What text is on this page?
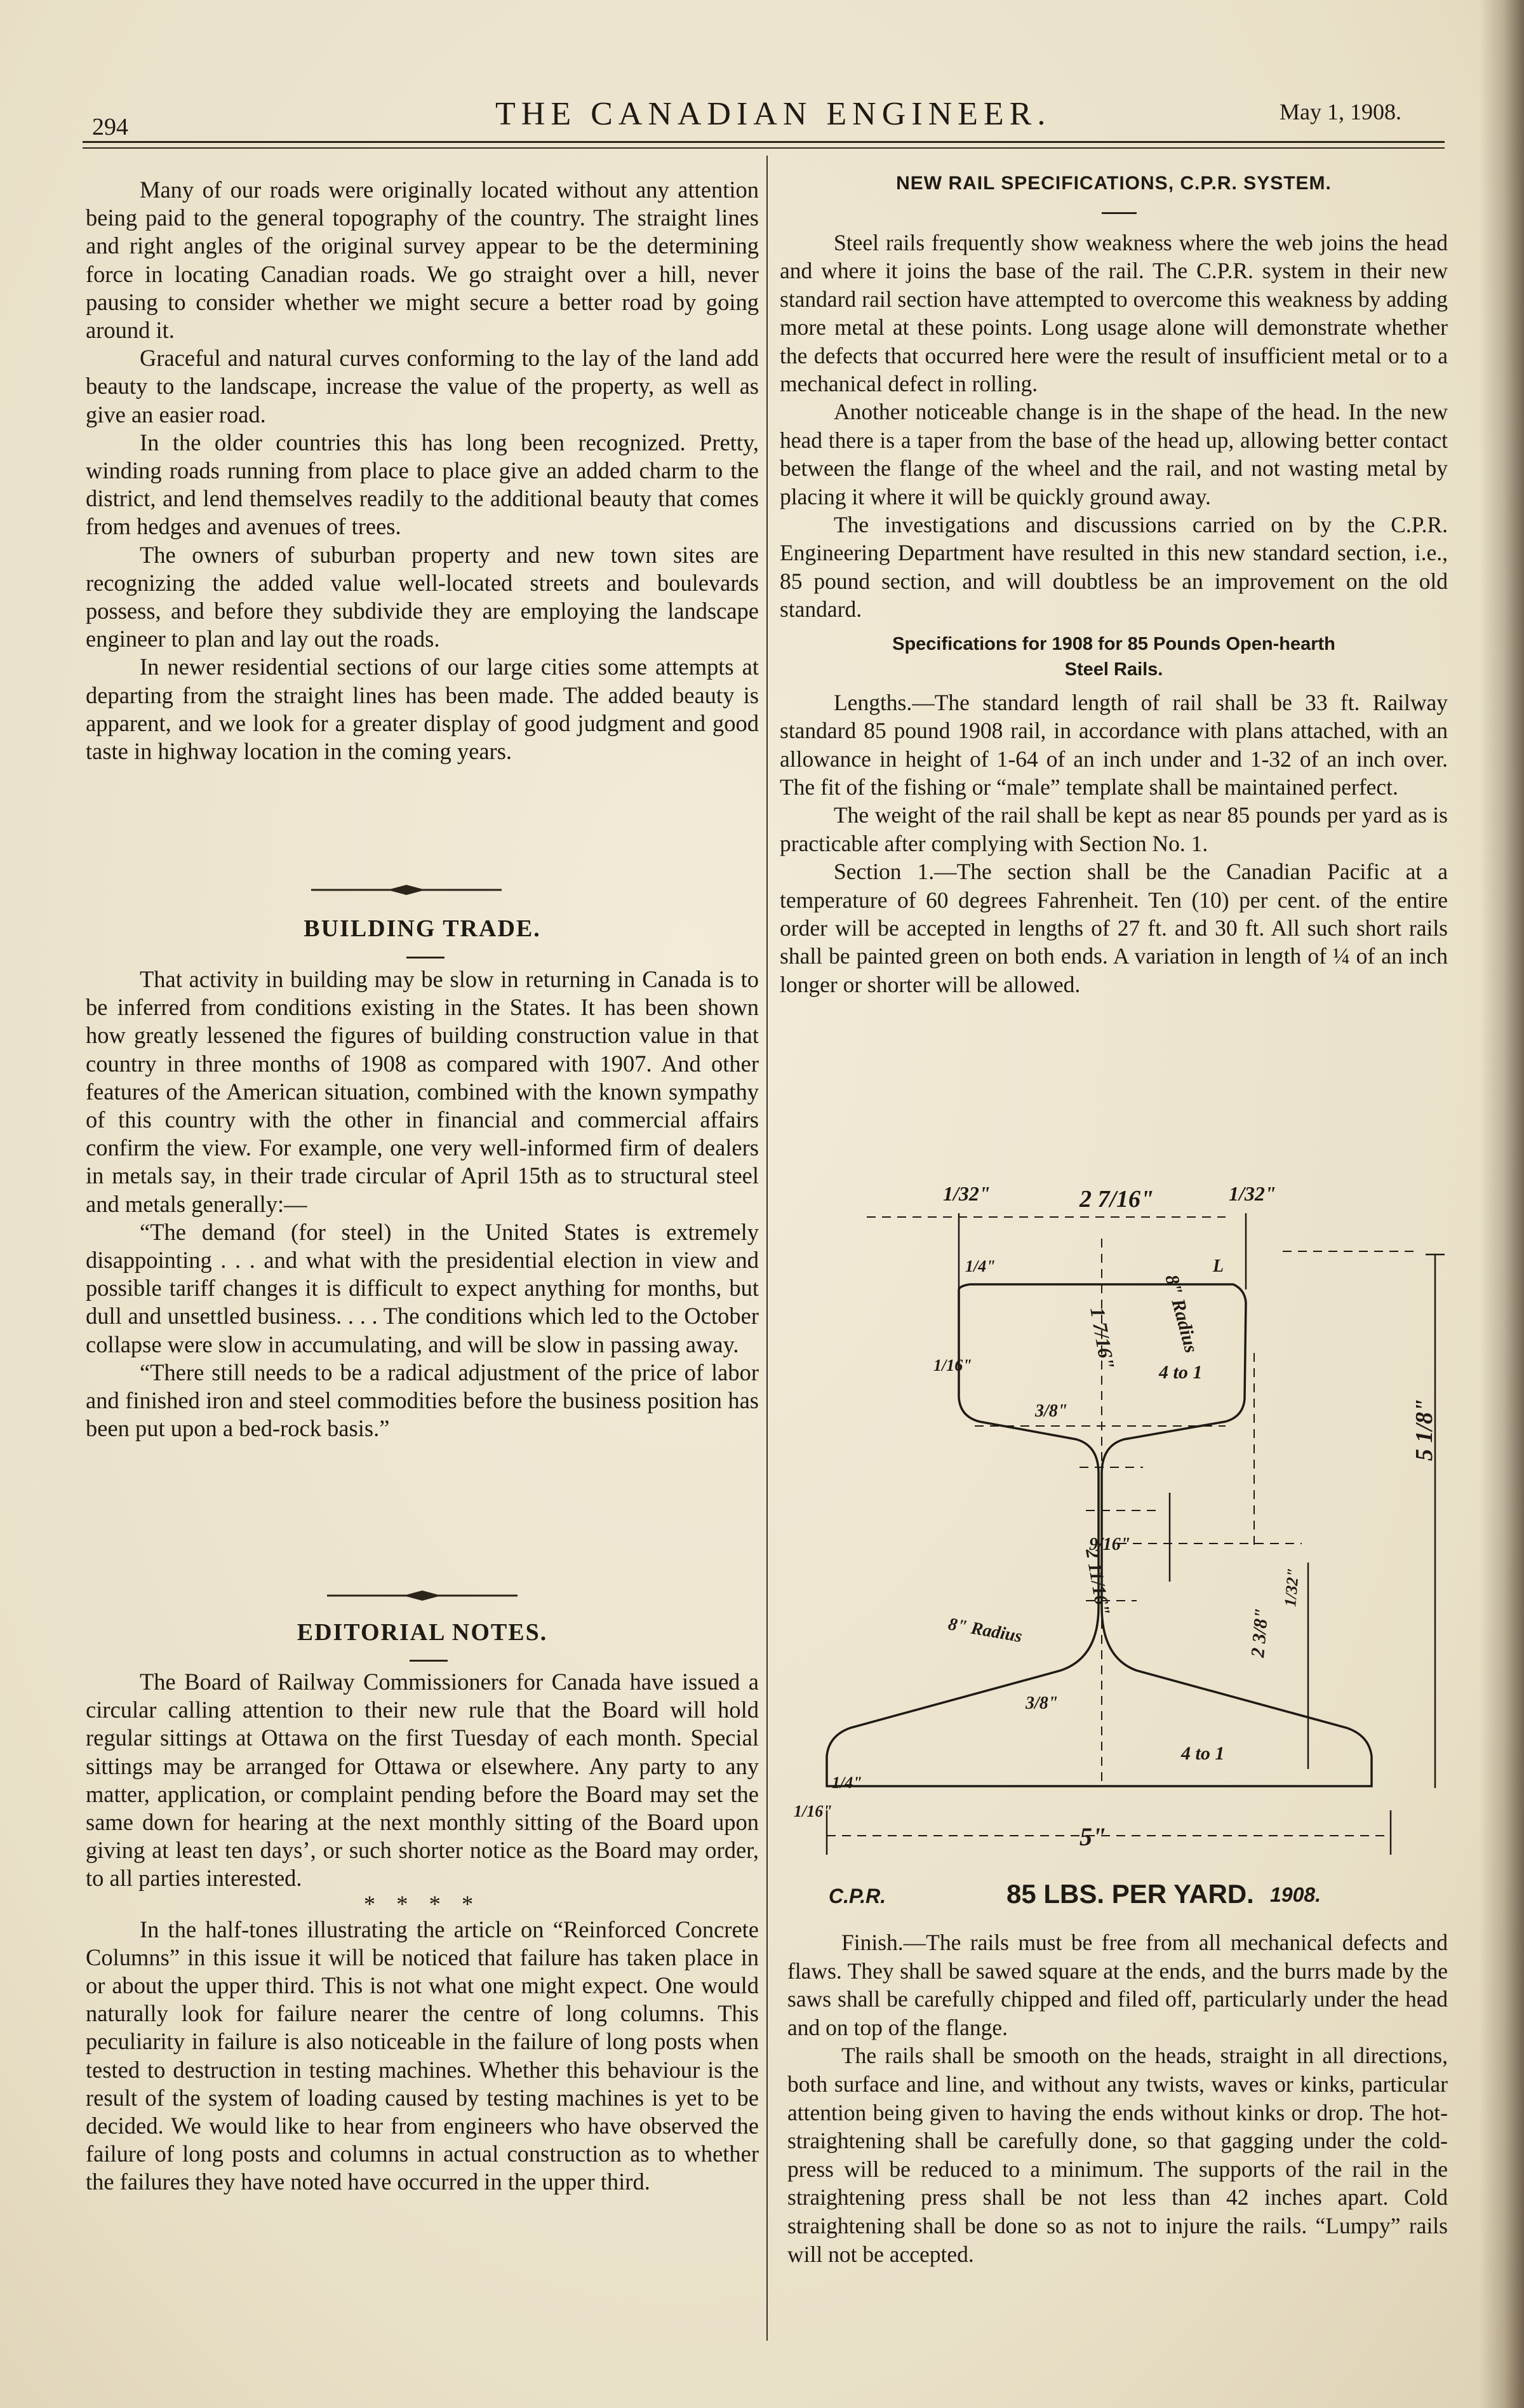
294	THE CANADIAN ENGINEER.	May 1, 1908.

Many of our roads were originally located without any attention being paid to the general topography of the country. The straight lines and right angles of the original survey appear to be the determining force in locating Canadian roads. We go straight over a hill, never pausing to consider whether we might secure a better road by going around it.

Graceful and natural curves conforming to the lay of the land add beauty to the landscape, increase the value of the property, as well as give an easier road.

In the older countries this has long been recognized. Pretty, winding roads running from place to place give an added charm to the district, and lend themselves readily to the additional beauty that comes from hedges and avenues of trees.

The owners of suburban property and new town sites are recognizing the added value well-located streets and boulevards possess, and before they subdivide they are employing the landscape engineer to plan and lay out the roads.

In newer residential sections of our large cities some attempts at departing from the straight lines has been made. The added beauty is apparent, and we look for a greater display of good judgment and good taste in highway location in the coming years.

BUILDING TRADE.

That activity in building may be slow in returning in Canada is to be inferred from conditions existing in the States. It has been shown how greatly lessened the figures of building construction value in that country in three months of 1908 as compared with 1907. And other features of the American situation, combined with the known sympathy of this country with the other in financial and commercial affairs confirm the view. For example, one very well-informed firm of dealers in metals say, in their trade circular of April 15th as to structural steel and metals generally:—

“The demand (for steel) in the United States is extremely disappointing . . . and what with the presidential election in view and possible tariff changes it is difficult to expect anything for months, but dull and unsettled business. . . . The conditions which led to the October collapse were slow in accumulating, and will be slow in passing away.

“There still needs to be a radical adjustment of the price of labor and finished iron and steel commodities before the business position has been put upon a bed-rock basis.”

EDITORIAL NOTES.

The Board of Railway Commissioners for Canada have issued a circular calling attention to their new rule that the Board will hold regular sittings at Ottawa on the first Tuesday of each month. Special sittings may be arranged for Ottawa or elsewhere. Any party to any matter, application, or complaint pending before the Board may set the same down for hearing at the next monthly sitting of the Board upon giving at least ten days’, or such shorter notice as the Board may order, to all parties interested.

* * * *

In the half-tones illustrating the article on “Reinforced Concrete Columns” in this issue it will be noticed that failure has taken place in or about the upper third. This is not what one might expect. One would naturally look for failure nearer the centre of long columns. This peculiarity in failure is also noticeable in the failure of long posts when tested to destruction in testing machines. Whether this behaviour is the result of the system of loading caused by testing machines is yet to be decided. We would like to hear from engineers who have observed the failure of long posts and columns in actual construction as to whether the failures they have noted have occurred in the upper third.

NEW RAIL SPECIFICATIONS, C.P.R. SYSTEM.

Steel rails frequently show weakness where the web joins the head and where it joins the base of the rail. The C.P.R. system in their new standard rail section have attempted to overcome this weakness by adding more metal at these points. Long usage alone will demonstrate whether the defects that occurred here were the result of insufficient metal or to a mechanical defect in rolling.

Another noticeable change is in the shape of the head. In the new head there is a taper from the base of the head up, allowing better contact between the flange of the wheel and the rail, and not wasting metal by placing it where it will be quickly ground away.

The investigations and discussions carried on by the C.P.R. Engineering Department have resulted in this new standard section, i.e., 85 pound section, and will doubtless be an improvement on the old standard.

Specifications for 1908 for 85 Pounds Open-hearth
Steel Rails.

Lengths.—The standard length of rail shall be 33 ft. Railway standard 85 pound 1908 rail, in accordance with plans attached, with an allowance in height of 1-64 of an inch under and 1-32 of an inch over. The fit of the fishing or “male” template shall be maintained perfect.

The weight of the rail shall be kept as near 85 pounds per yard as is practicable after complying with Section No. 1.

Section 1.—The section shall be the Canadian Pacific at a temperature of 60 degrees Fahrenheit. Ten (10) per cent. of the entire order will be accepted in lengths of 27 ft. and 30 ft. All such short rails shall be painted green on both ends. A variation in length of ¼ of an inch longer or shorter will be allowed.

1/32"	2 7/16"	1/32"
1/4"	L
1 7/16" 8" Radius
4 to 1
1/16"
3/8"
9/16"
2 11/16"
2 3/8"
1/32"
8" Radius
3/8"
4 to 1
5 1/8"
1/4"
1/16"
5"
C.P.R.	85 LBS. PER YARD. 1908.

Finish.—The rails must be free from all mechanical defects and flaws. They shall be sawed square at the ends, and the burrs made by the saws shall be carefully chipped and filed off, particularly under the head and on top of the flange.

The rails shall be smooth on the heads, straight in all directions, both surface and line, and without any twists, waves or kinks, particular attention being given to having the ends without kinks or drop. The hot-straightening shall be carefully done, so that gagging under the cold-press will be reduced to a minimum. The supports of the rail in the straightening press shall be not less than 42 inches apart. Cold straightening shall be done so as not to injure the rails. “Lumpy” rails will not be accepted.
